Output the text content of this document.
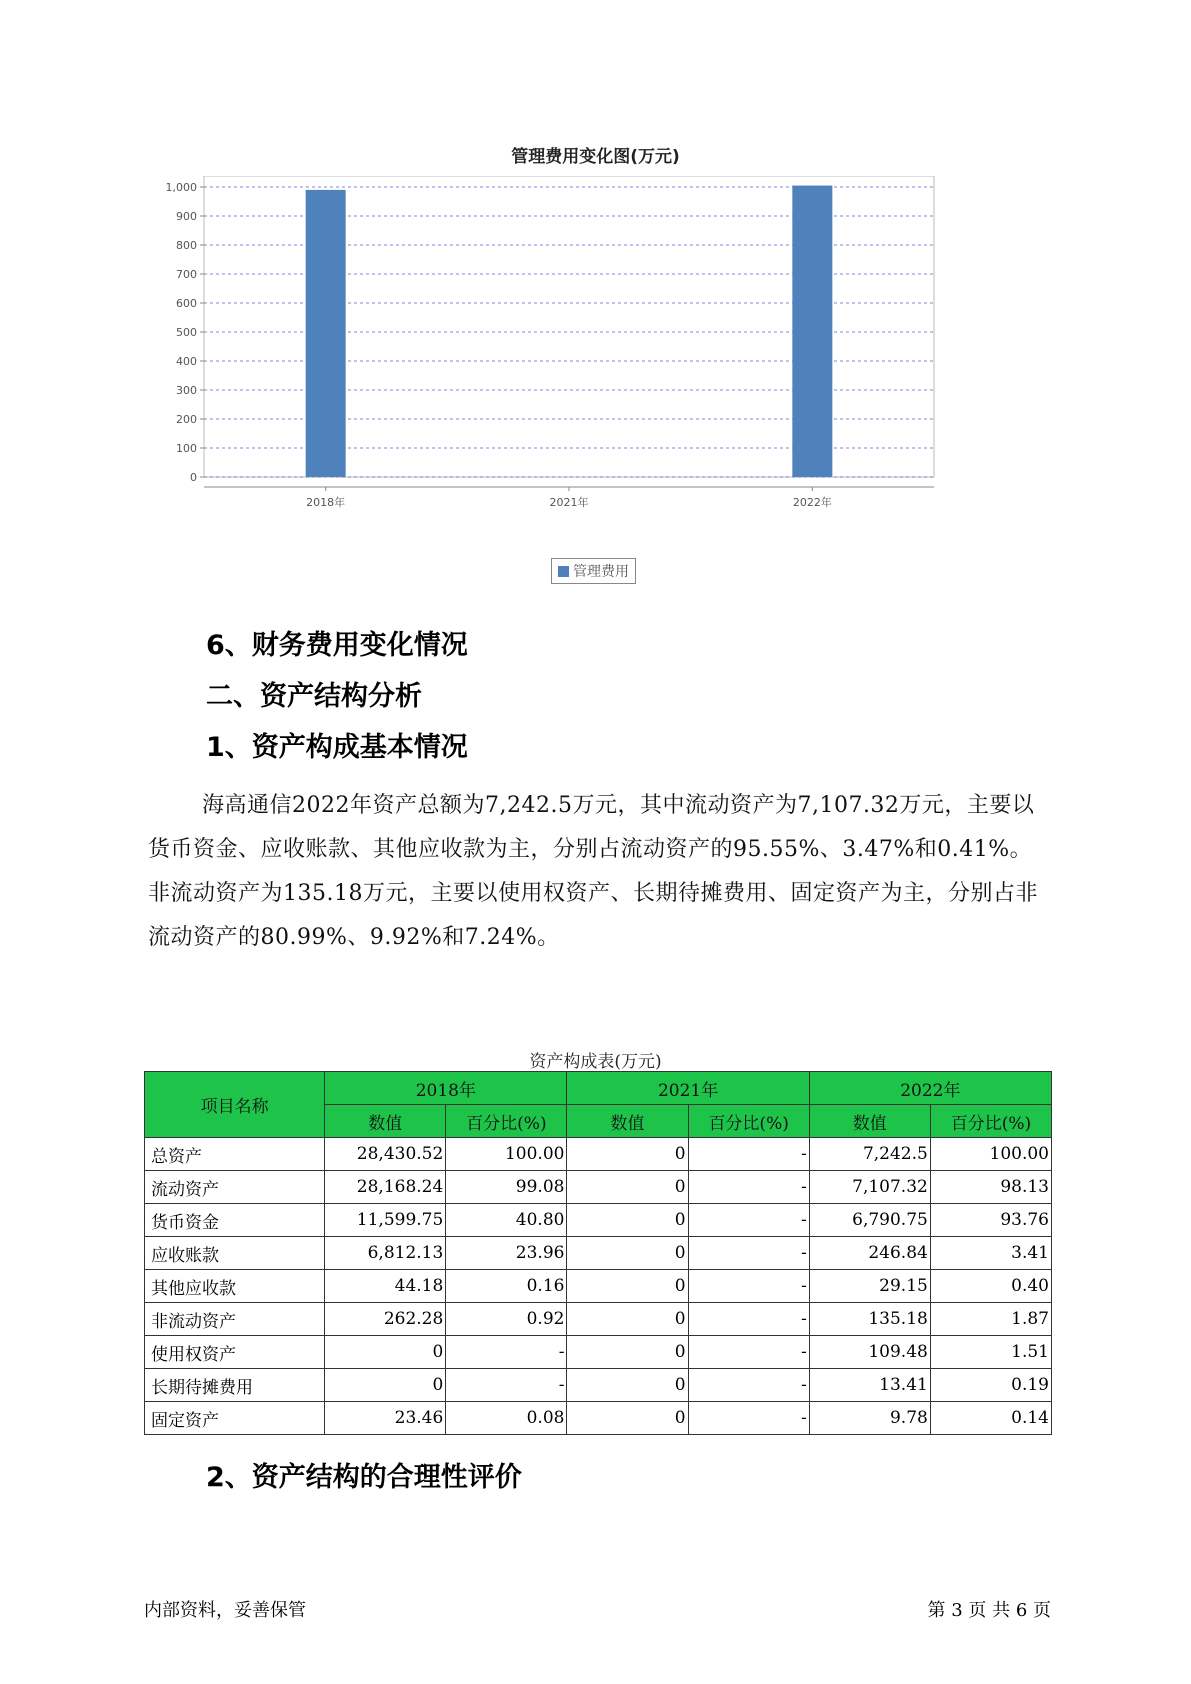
管理费用变化图(万元)
0
100
200
300
400
500
600
700
800
900
1,000
2018年	2021年	2022年
管理费用
6、财务费用变化情况
二、资产结构分析
1、资产构成基本情况
海高通信2022年资产总额为7,242.5万元，其中流动资产为7,107.32万元，主要以货币资金、应收账款、其他应收款为主，分别占流动资产的95.55%、3.47%和0.41%。非流动资产为135.18万元，主要以使用权资产、长期待摊费用、固定资产为主，分别占非流动资产的80.99%、9.92%和7.24%。
资产构成表(万元)
项目名称	2018年		2021年		2022年	
	数值	百分比(%)	数值	百分比(%)	数值	百分比(%)
总资产	28,430.52	100.00	0	-	7,242.5	100.00
流动资产	28,168.24	99.08	0	-	7,107.32	98.13
货币资金	11,599.75	40.80	0	-	6,790.75	93.76
应收账款	6,812.13	23.96	0	-	246.84	3.41
其他应收款	44.18	0.16	0	-	29.15	0.40
非流动资产	262.28	0.92	0	-	135.18	1.87
使用权资产	0	-	0	-	109.48	1.51
长期待摊费用	0	-	0	-	13.41	0.19
固定资产	23.46	0.08	0	-	9.78	0.14
2、资产结构的合理性评价
内部资料，妥善保管	第 3 页 共 6 页
